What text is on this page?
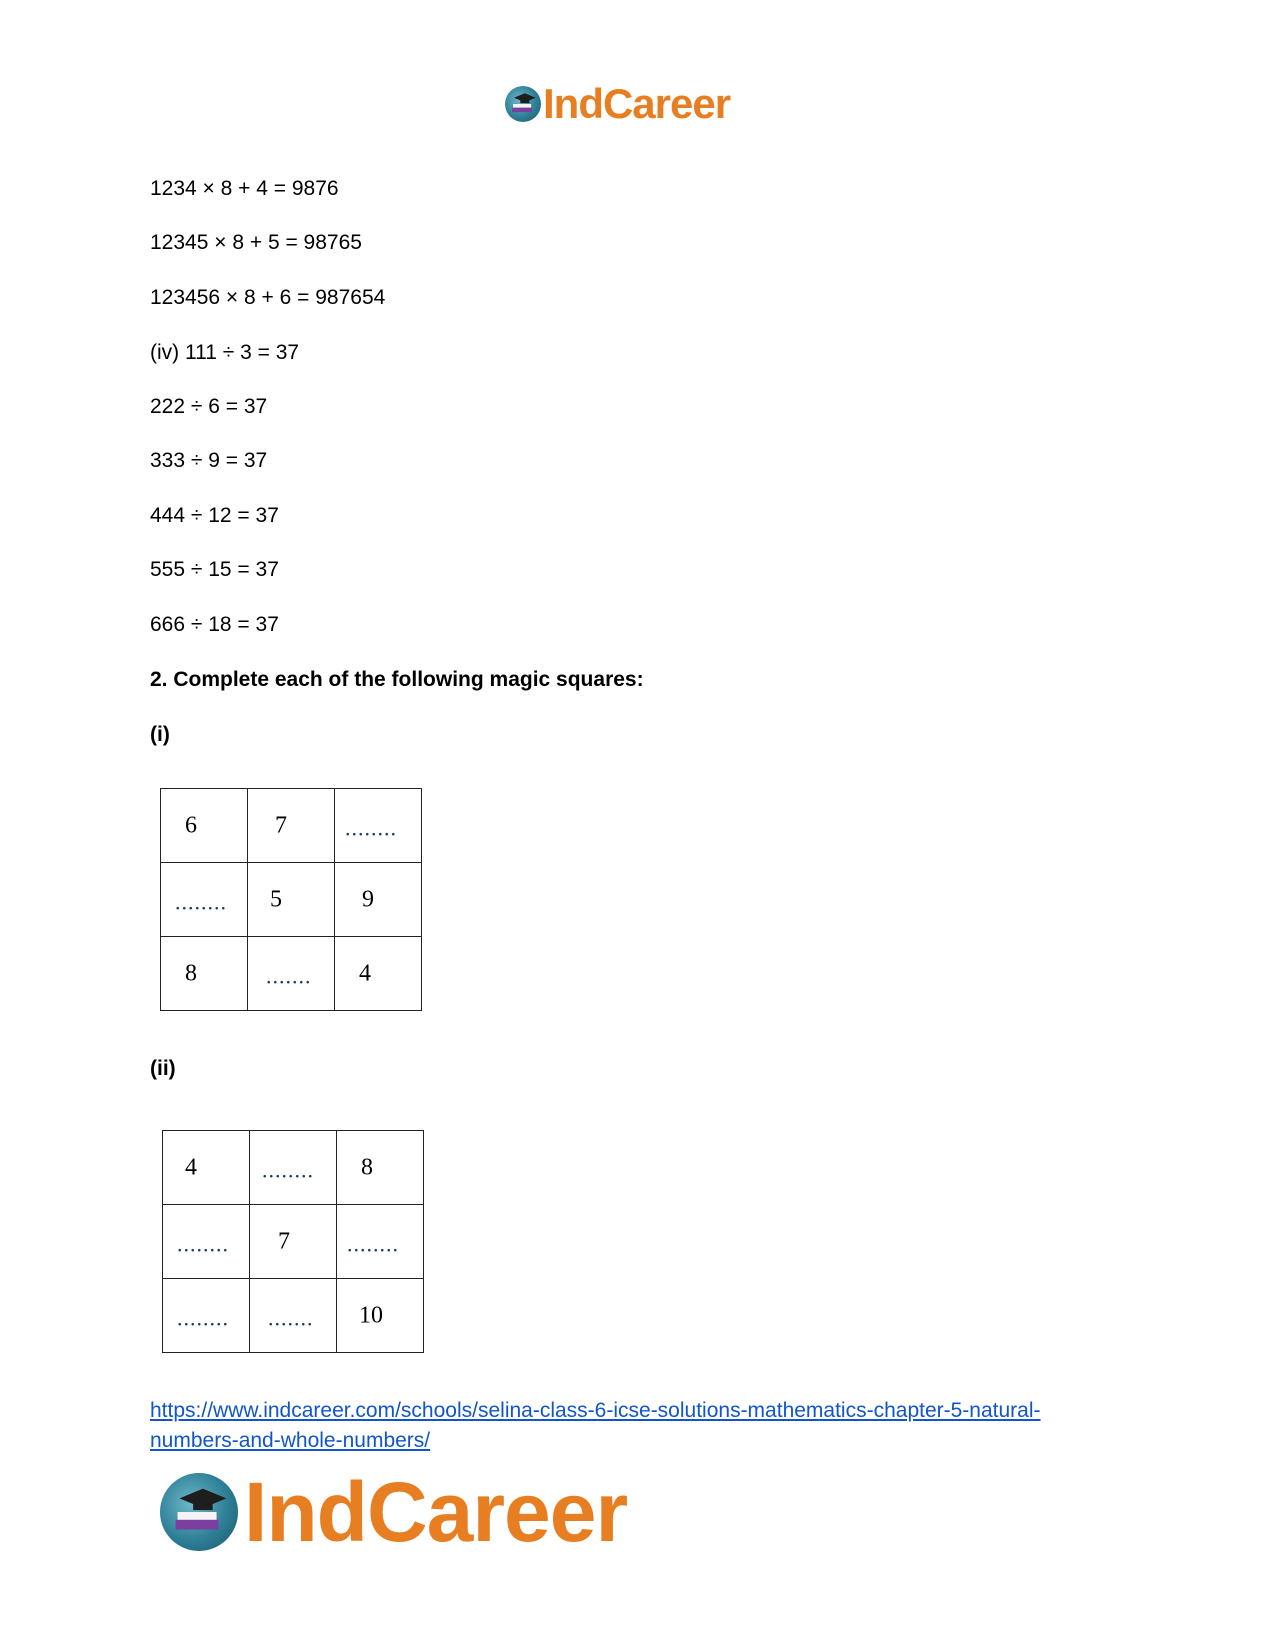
IndCareer
1234 × 8 + 4 = 9876
12345 × 8 + 5 = 98765
123456 × 8 + 6 = 987654
(iv) 111 ÷ 3 = 37
222 ÷ 6 = 37
333 ÷ 9 = 37
444 ÷ 12 = 37
555 ÷ 15 = 37
666 ÷ 18 = 37
2. Complete each of the following magic squares:
(i)
6	7	........

........	5	9

8	.......	4
(ii)
4	........	8

........	7	........

........	.......	10
https://www.indcareer.com/schools/selina-class-6-icse-solutions-mathematics-chapter-5-natural-
numbers-and-whole-numbers/
IndCareer
